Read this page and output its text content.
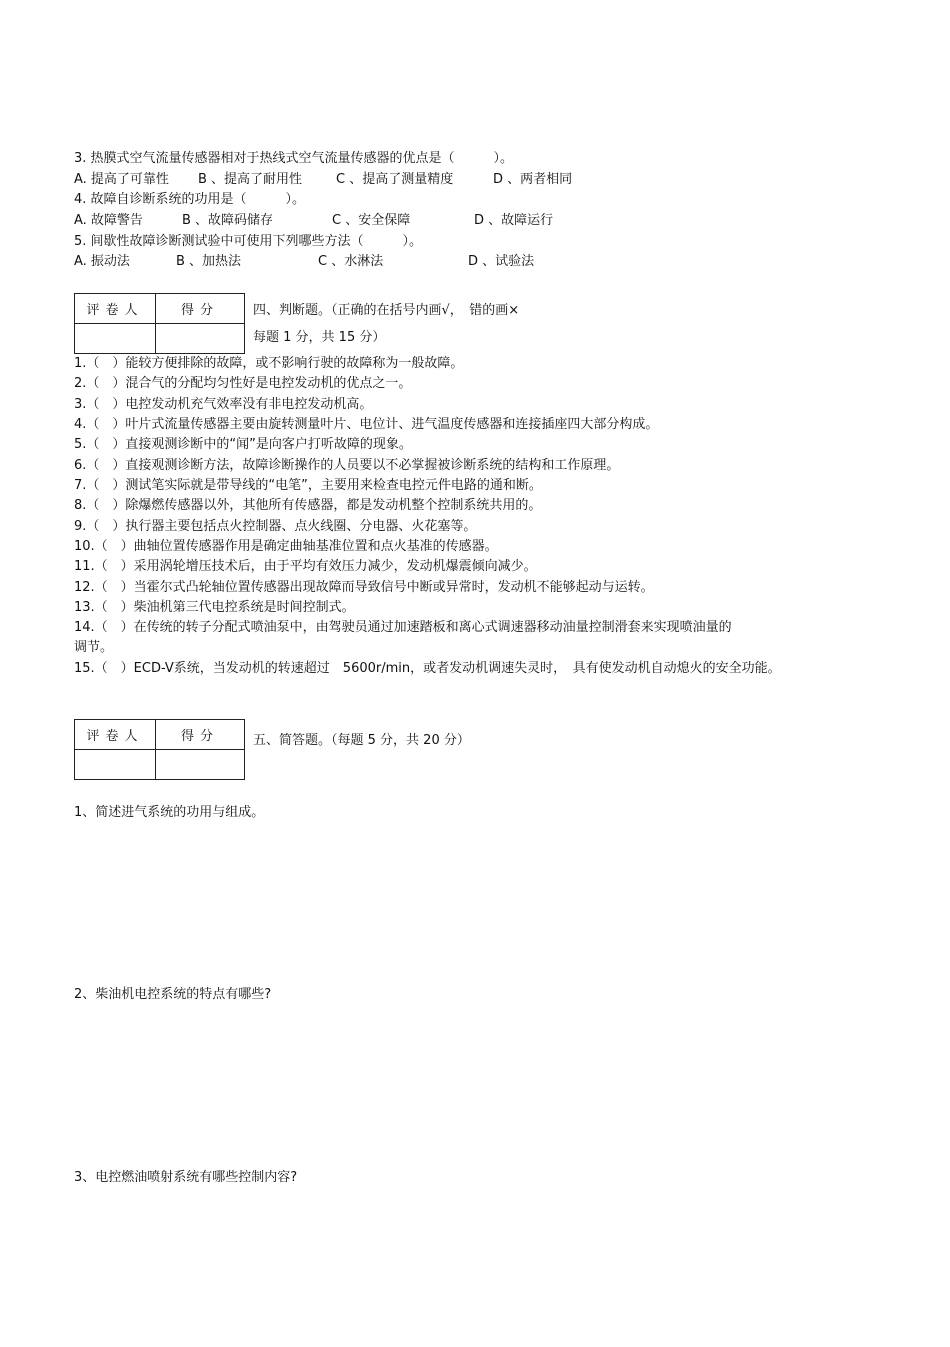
3. 热膜式空气流量传感器相对于热线式空气流量传感器的优点是（　　　）。
A. 提高了可靠性 B 、提高了耐用性	C 、提高了测量精度	D 、两者相同
4. 故障自诊断系统的功用是（　　　）。
A. 故障警告	B 、故障码储存	C 、安全保障	D 、故障运行
5. 间歇性故障诊断测试验中可使用下列哪些方法（　　　）。
A. 振动法	B 、加热法	C 、水淋法	D 、试验法
评卷人	得分
		四、判断题。（正确的在括号内画√，　错的画×
每题 1 分，共 15 分）
1.（　）能较方便排除的故障，或不影响行驶的故障称为一般故障。
2.（　）混合气的分配均匀性好是电控发动机的优点之一。
3.（　）电控发动机充气效率没有非电控发动机高。
4.（　）叶片式流量传感器主要由旋转测量叶片、电位计、进气温度传感器和连接插座四大部分构成。
5.（　）直接观测诊断中的“闻”是向客户打听故障的现象。
6.（　）直接观测诊断方法，故障诊断操作的人员要以不必掌握被诊断系统的结构和工作原理。
7.（　）测试笔实际就是带导线的“电笔”，主要用来检查电控元件电路的通和断。
8.（　）除爆燃传感器以外，其他所有传感器，都是发动机整个控制系统共用的。
9.（　）执行器主要包括点火控制器、点火线圈、分电器、火花塞等。
10.（　）曲轴位置传感器作用是确定曲轴基准位置和点火基准的传感器。
11.（　）采用涡轮增压技术后，由于平均有效压力减少，发动机爆震倾向减少。
12.（　）当霍尔式凸轮轴位置传感器出现故障而导致信号中断或异常时，发动机不能够起动与运转。
13.（　）柴油机第三代电控系统是时间控制式。
14.（　）在传统的转子分配式喷油泵中，由驾驶员通过加速踏板和离心式调速器移动油量控制滑套来实现喷油量的
调节。
15.（　）ECD-V系统，当发动机的转速超过　5600r/min，或者发动机调速失灵时，　具有使发动机自动熄火的安全功能。
评卷人	得分
		五、简答题。（每题 5 分，共 20 分）
1、简述进气系统的功用与组成。
2、柴油机电控系统的特点有哪些?
3、电控燃油喷射系统有哪些控制内容?
